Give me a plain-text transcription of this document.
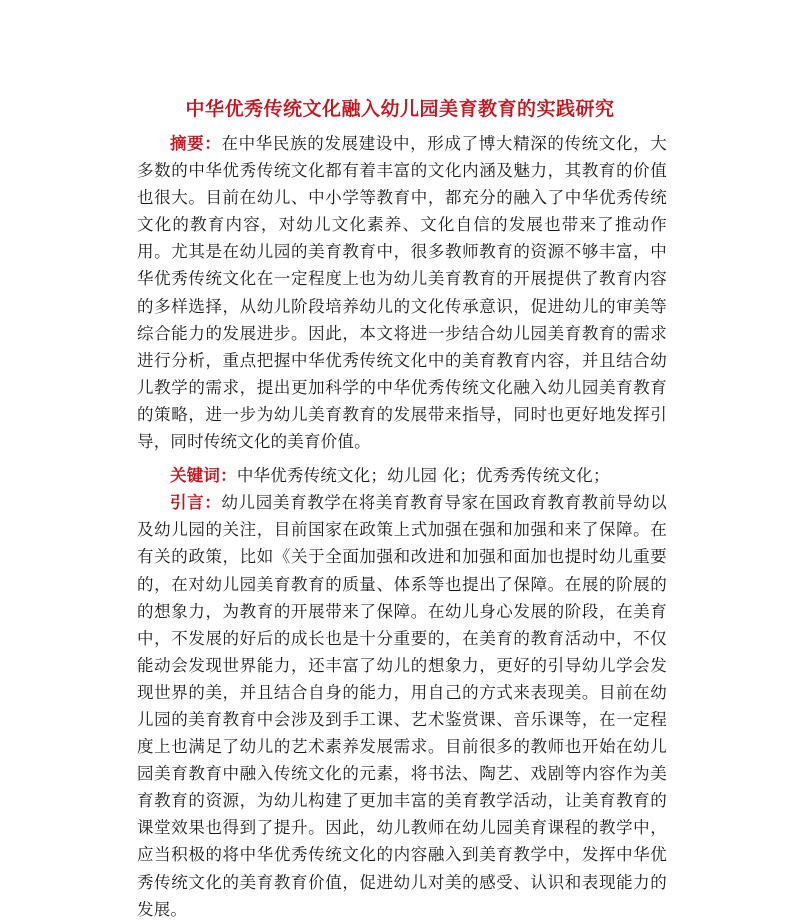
中华优秀传统文化融入幼儿园美育教育的实践研究

摘要：在中华民族的发展建设中，形成了博大精深的传统文化，大多数的中华优秀传统文化都有着丰富的文化内涵及魅力，其教育的价值也很大。目前在幼儿、中小学等教育中，都充分的融入了中华优秀传统文化的教育内容，对幼儿文化素养、文化自信的发展也带来了推动作用。尤其是在幼儿园的美育教育中，很多教师教育的资源不够丰富，中华优秀传统文化在一定程度上也为幼儿美育教育的开展提供了教育内容的多样选择，从幼儿阶段培养幼儿的文化传承意识，促进幼儿的审美等综合能力的发展进步。因此，本文将进一步结合幼儿园美育教育的需求进行分析，重点把握中华优秀传统文化中的美育教育内容，并且结合幼儿教学的需求，提出更加科学的中华优秀传统文化融入幼儿园美育教育的策略，进一步为幼儿美育教育的发展带来指导，同时也更好地发挥引导，同时传统文化的美育价值。

关键词：中华优秀传统文化；幼儿园 化；优秀秀传统文化；

引言：幼儿园美育教学在将美育教育导家在国政育教育教前导幼以及幼儿园的关注，目前国家在政策上式加强在强和加强和来了保障。在有关的政策，比如《关于全面加强和改进和加强和面加也提时幼儿重要的，在对幼儿园美育教育的质量、体系等也提出了保障。在展的阶展的的想象力，为教育的开展带来了保障。在幼儿身心发展的阶段，在美育中，不发展的好后的成长也是十分重要的，在美育的教育活动中，不仅能动会发现世界能力，还丰富了幼儿的想象力，更好的引导幼儿学会发现世界的美，并且结合自身的能力，用自己的方式来表现美。目前在幼儿园的美育教育中会涉及到手工课、艺术鉴赏课、音乐课等，在一定程度上也满足了幼儿的艺术素养发展需求。目前很多的教师也开始在幼儿园美育教育中融入传统文化的元素，将书法、陶艺、戏剧等内容作为美育教育的资源，为幼儿构建了更加丰富的美育教学活动，让美育教育的课堂效果也得到了提升。因此，幼儿教师在幼儿园美育课程的教学中，应当积极的将中华优秀传统文化的内容融入到美育教学中，发挥中华优秀传统文化的美育教育价值，促进幼儿对美的感受、认识和表现能力的发展。
